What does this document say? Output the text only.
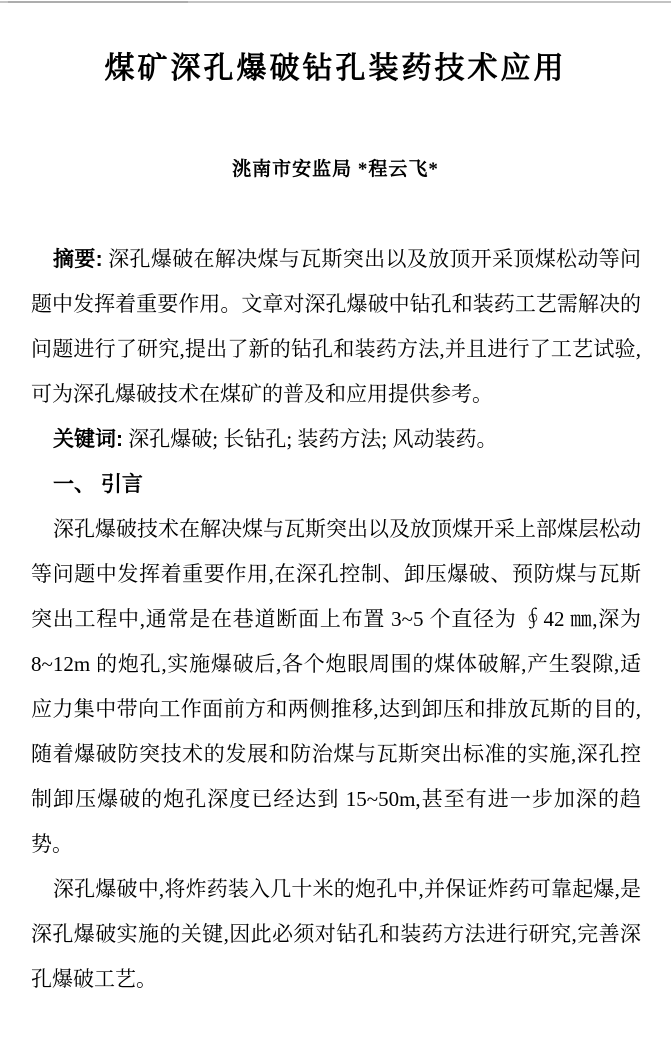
煤矿深孔爆破钻孔装药技术应用
洮南市安监局 *程云飞*

摘要: 深孔爆破在解决煤与瓦斯突出以及放顶开采顶煤松动等问题中发挥着重要作用。文章对深孔爆破中钻孔和装药工艺需解决的问题进行了研究,提出了新的钻孔和装药方法,并且进行了工艺试验,可为深孔爆破技术在煤矿的普及和应用提供参考。

关键词: 深孔爆破; 长钻孔; 装药方法; 风动装药。

一、 引言

深孔爆破技术在解决煤与瓦斯突出以及放顶煤开采上部煤层松动等问题中发挥着重要作用,在深孔控制、卸压爆破、预防煤与瓦斯突出工程中,通常是在巷道断面上布置 3~5 个直径为 ∮42 ㎜,深为 8~12m 的炮孔,实施爆破后,各个炮眼周围的煤体破解,产生裂隙,适应力集中带向工作面前方和两侧推移,达到卸压和排放瓦斯的目的,随着爆破防突技术的发展和防治煤与瓦斯突出标准的实施,深孔控制卸压爆破的炮孔深度已经达到 15~50m,甚至有进一步加深的趋势。

深孔爆破中,将炸药装入几十米的炮孔中,并保证炸药可靠起爆,是深孔爆破实施的关键,因此必须对钻孔和装药方法进行研究,完善深孔爆破工艺。
